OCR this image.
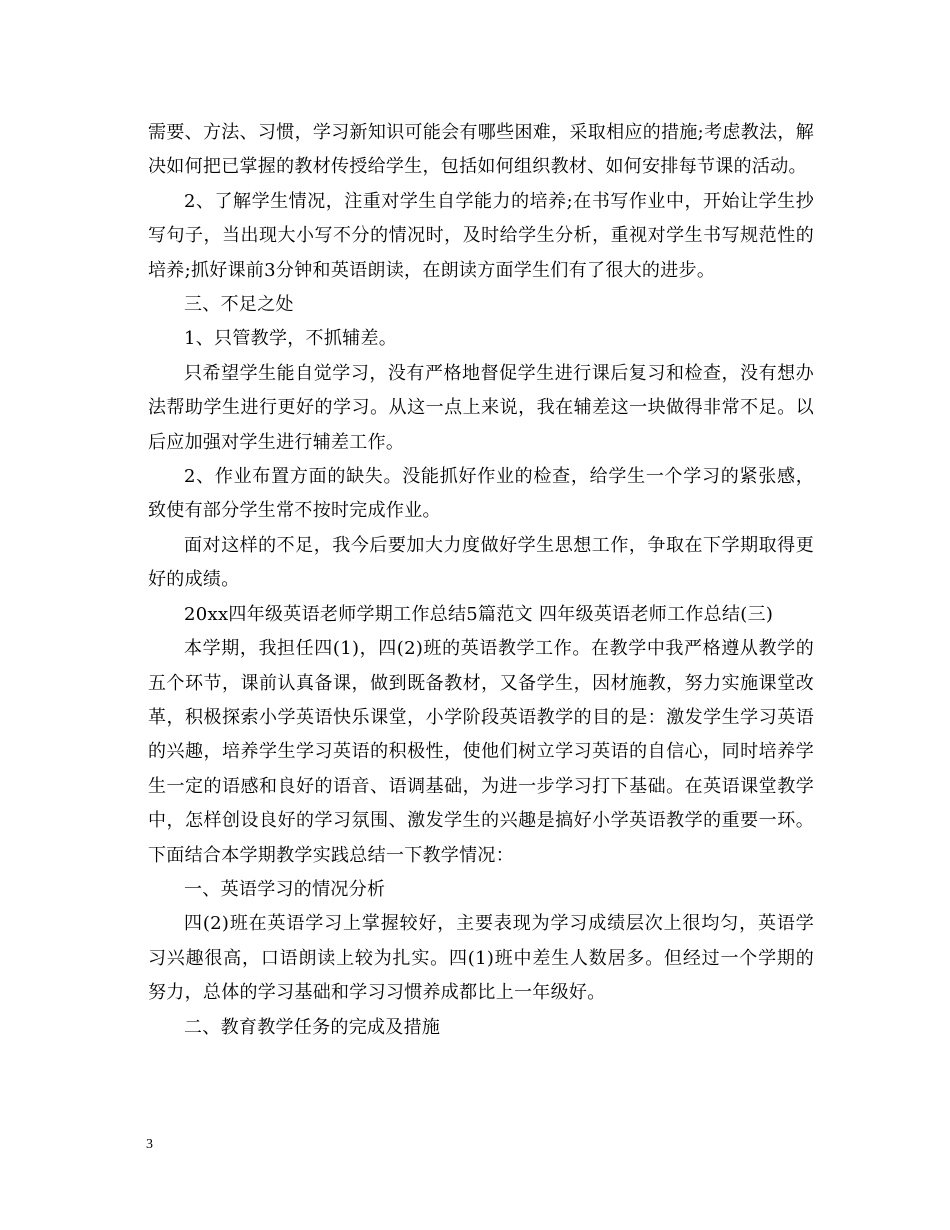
需要、方法、习惯，学习新知识可能会有哪些困难，采取相应的措施;考虑教法，解决如何把已掌握的教材传授给学生，包括如何组织教材、如何安排每节课的活动。

2、了解学生情况，注重对学生自学能力的培养;在书写作业中，开始让学生抄写句子，当出现大小写不分的情况时，及时给学生分析，重视对学生书写规范性的培养;抓好课前3分钟和英语朗读，在朗读方面学生们有了很大的进步。

三、不足之处

1、只管教学，不抓辅差。

只希望学生能自觉学习，没有严格地督促学生进行课后复习和检查，没有想办法帮助学生进行更好的学习。从这一点上来说，我在辅差这一块做得非常不足。以后应加强对学生进行辅差工作。

2、作业布置方面的缺失。没能抓好作业的检查，给学生一个学习的紧张感，致使有部分学生常不按时完成作业。

面对这样的不足，我今后要加大力度做好学生思想工作，争取在下学期取得更好的成绩。

20xx四年级英语老师学期工作总结5篇范文 四年级英语老师工作总结(三)

本学期，我担任四(1)，四(2)班的英语教学工作。在教学中我严格遵从教学的五个环节，课前认真备课，做到既备教材，又备学生，因材施教，努力实施课堂改革，积极探索小学英语快乐课堂，小学阶段英语教学的目的是：激发学生学习英语的兴趣，培养学生学习英语的积极性，使他们树立学习英语的自信心，同时培养学生一定的语感和良好的语音、语调基础，为进一步学习打下基础。在英语课堂教学中，怎样创设良好的学习氛围、激发学生的兴趣是搞好小学英语教学的重要一环。下面结合本学期教学实践总结一下教学情况：

一、英语学习的情况分析

四(2)班在英语学习上掌握较好，主要表现为学习成绩层次上很均匀，英语学习兴趣很高，口语朗读上较为扎实。四(1)班中差生人数居多。但经过一个学期的努力，总体的学习基础和学习习惯养成都比上一年级好。

二、教育教学任务的完成及措施

3
